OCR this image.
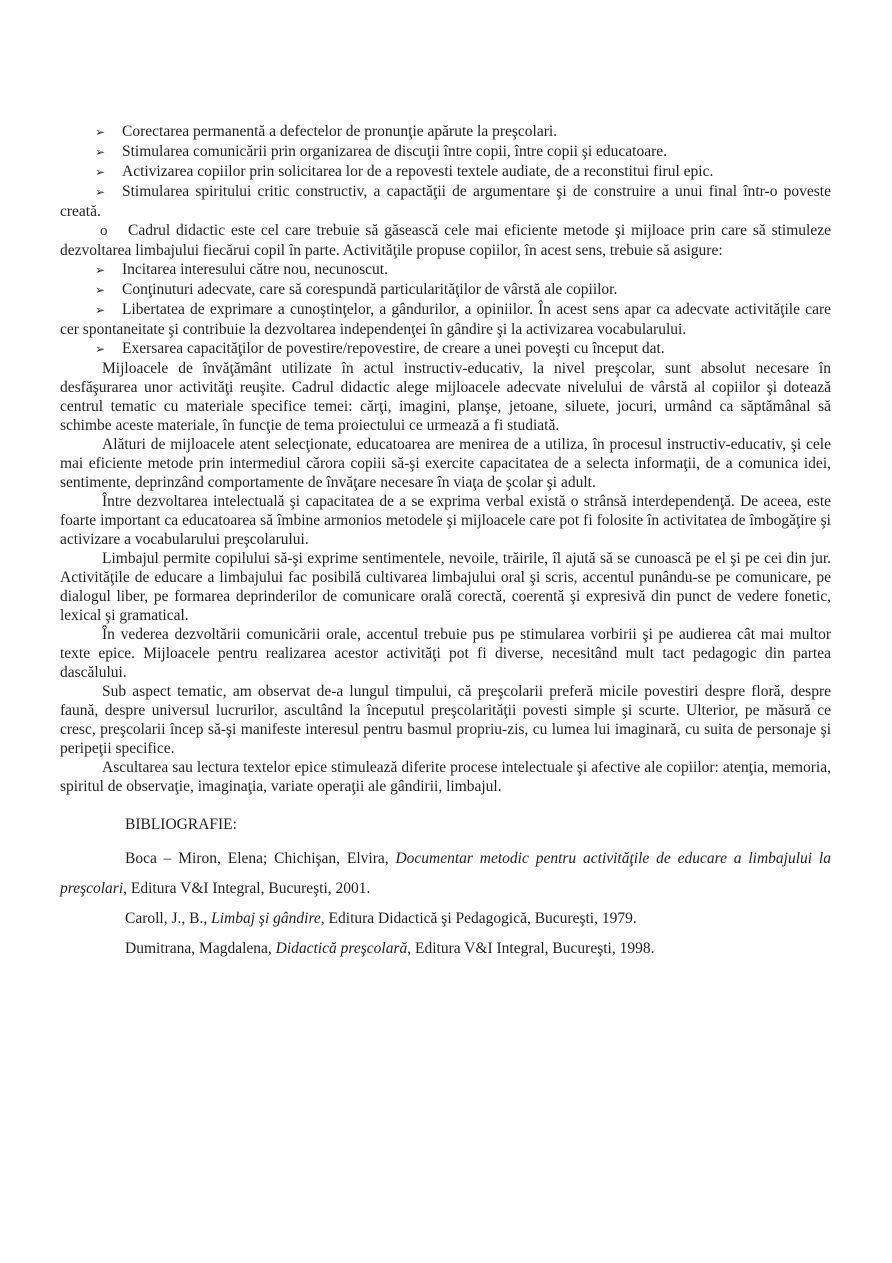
➢ Corectarea permanentă a defectelor de pronunţie apărute la preşcolari.

➢ Stimularea comunicării prin organizarea de discuţii între copii, între copii şi educatoare.

➢ Activizarea copiilor prin solicitarea lor de a repovesti textele audiate, de a reconstitui firul epic.

➢ Stimularea spiritului critic constructiv, a capactăţii de argumentare şi de construire a unui final într-o poveste creată.

o Cadrul didactic este cel care trebuie să găsească cele mai eficiente metode şi mijloace prin care să stimuleze dezvoltarea limbajului fiecărui copil în parte. Activităţile propuse copiilor, în acest sens, trebuie să asigure:

➢ Incitarea interesului către nou, necunoscut.

➢ Conţinuturi adecvate, care să corespundă particularităţilor de vârstă ale copiilor.

➢ Libertatea de exprimare a cunoştinţelor, a gândurilor, a opiniilor. În acest sens apar ca adecvate activităţile care cer spontaneitate şi contribuie la dezvoltarea independenţei în gândire şi la activizarea vocabularului.

➢ Exersarea capacităţilor de povestire/repovestire, de creare a unei poveşti cu început dat.

Mijloacele de învăţământ utilizate în actul instructiv-educativ, la nivel preşcolar, sunt absolut necesare în desfăşurarea unor activităţi reuşite. Cadrul didactic alege mijloacele adecvate nivelului de vârstă al copiilor şi dotează centrul tematic cu materiale specifice temei: cărţi, imagini, planşe, jetoane, siluete, jocuri, urmând ca săptămânal să schimbe aceste materiale, în funcţie de tema proiectului ce urmează a fi studiată.

Alături de mijloacele atent selecţionate, educatoarea are menirea de a utiliza, în procesul instructiv-educativ, şi cele mai eficiente metode prin intermediul cărora copiii să-şi exercite capacitatea de a selecta informaţii, de a comunica idei, sentimente, deprinzând comportamente de învăţare necesare în viaţa de şcolar şi adult.

Între dezvoltarea intelectuală şi capacitatea de a se exprima verbal există o strânsă interdependenţă. De aceea, este foarte important ca educatoarea să îmbine armonios metodele şi mijloacele care pot fi folosite în activitatea de îmbogăţire şi activizare a vocabularului preşcolarului.

Limbajul permite copilului să-şi exprime sentimentele, nevoile, trăirile, îl ajută să se cunoască pe el şi pe cei din jur. Activităţile de educare a limbajului fac posibilă cultivarea limbajului oral şi scris, accentul punându-se pe comunicare, pe dialogul liber, pe formarea deprinderilor de comunicare orală corectă, coerentă şi expresivă din punct de vedere fonetic, lexical şi gramatical.

În vederea dezvoltării comunicării orale, accentul trebuie pus pe stimularea vorbirii şi pe audierea cât mai multor texte epice. Mijloacele pentru realizarea acestor activităţi pot fi diverse, necesitând mult tact pedagogic din partea dascălului.

Sub aspect tematic, am observat de-a lungul timpului, că preşcolarii preferă micile povestiri despre floră, despre faună, despre universul lucrurilor, ascultând la începutul preşcolarităţii povesti simple şi scurte. Ulterior, pe măsură ce cresc, preşcolarii încep să-şi manifeste interesul pentru basmul propriu-zis, cu lumea lui imaginară, cu suita de personaje şi peripeţii specifice.

Ascultarea sau lectura textelor epice stimulează diferite procese intelectuale şi afective ale copiilor: atenţia, memoria, spiritul de observaţie, imaginaţia, variate operaţii ale gândirii, limbajul.

BIBLIOGRAFIE:

Boca – Miron, Elena; Chichişan, Elvira, Documentar metodic pentru activităţile de educare a limbajului la preşcolari, Editura V&I Integral, Bucureşti, 2001.

Caroll, J., B., Limbaj şi gândire, Editura Didactică şi Pedagogică, Bucureşti, 1979.

Dumitrana, Magdalena, Didactică preşcolară, Editura V&I Integral, Bucureşti, 1998.
